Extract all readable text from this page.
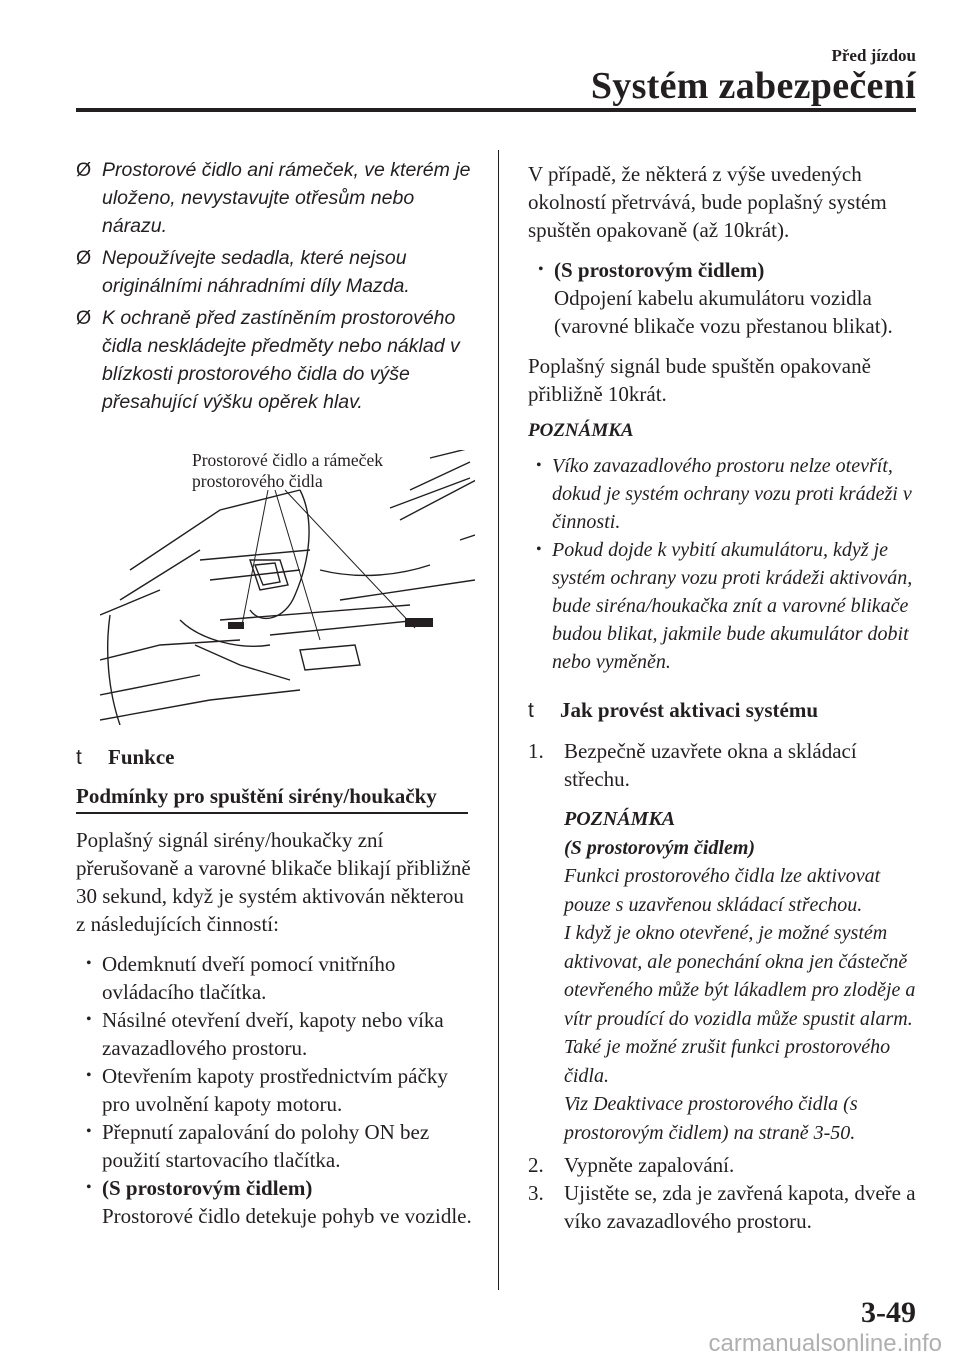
Před jízdou
Systém zabezpečení
Ø Prostorové čidlo ani rámeček, ve kterém je uloženo, nevystavujte otřesům nebo nárazu.
Ø Nepoužívejte sedadla, které nejsou originálními náhradními díly Mazda.
Ø K ochraně před zastíněním prostorového čidla neskládejte předměty nebo náklad v blízkosti prostorového čidla do výše přesahující výšku opěrek hlav.
Prostorové čidlo a rámeček
prostorového čidla
t	Funkce
Podmínky pro spuštění sirény/houkačky
Poplašný signál sirény/houkačky zní přerušovaně a varovné blikače blikají přibližně 30 sekund, když je systém aktivován některou z následujících činností:
• Odemknutí dveří pomocí vnitřního ovládacího tlačítka.
• Násilné otevření dveří, kapoty nebo víka zavazadlového prostoru.
• Otevřením kapoty prostřednictvím páčky pro uvolnění kapoty motoru.
• Přepnutí zapalování do polohy ON bez použití startovacího tlačítka.
• (S prostorovým čidlem)
Prostorové čidlo detekuje pohyb ve vozidle.
V případě, že některá z výše uvedených okolností přetrvává, bude poplašný systém spuštěn opakovaně (až 10krát).
• (S prostorovým čidlem)
Odpojení kabelu akumulátoru vozidla (varovné blikače vozu přestanou blikat).
Poplašný signál bude spuštěn opakovaně přibližně 10krát.
POZNÁMKA
• Víko zavazadlového prostoru nelze otevřít, dokud je systém ochrany vozu proti krádeži v činnosti.
• Pokud dojde k vybití akumulátoru, když je systém ochrany vozu proti krádeži aktivován, bude siréna/houkačka znít a varovné blikače budou blikat, jakmile bude akumulátor dobit nebo vyměněn.
t	Jak provést aktivaci systému
1. Bezpečně uzavřete okna a skládací střechu.
POZNÁMKA
(S prostorovým čidlem)
Funkci prostorového čidla lze aktivovat pouze s uzavřenou skládací střechou.
I když je okno otevřené, je možné systém aktivovat, ale ponechání okna jen částečně otevřeného může být lákadlem pro zloděje a vítr proudící do vozidla může spustit alarm.
Také je možné zrušit funkci prostorového čidla.
Viz Deaktivace prostorového čidla (s prostorovým čidlem) na straně 3-50.
2. Vypněte zapalování.
3. Ujistěte se, zda je zavřená kapota, dveře a víko zavazadlového prostoru.
3-49
carmanualsonline.info
